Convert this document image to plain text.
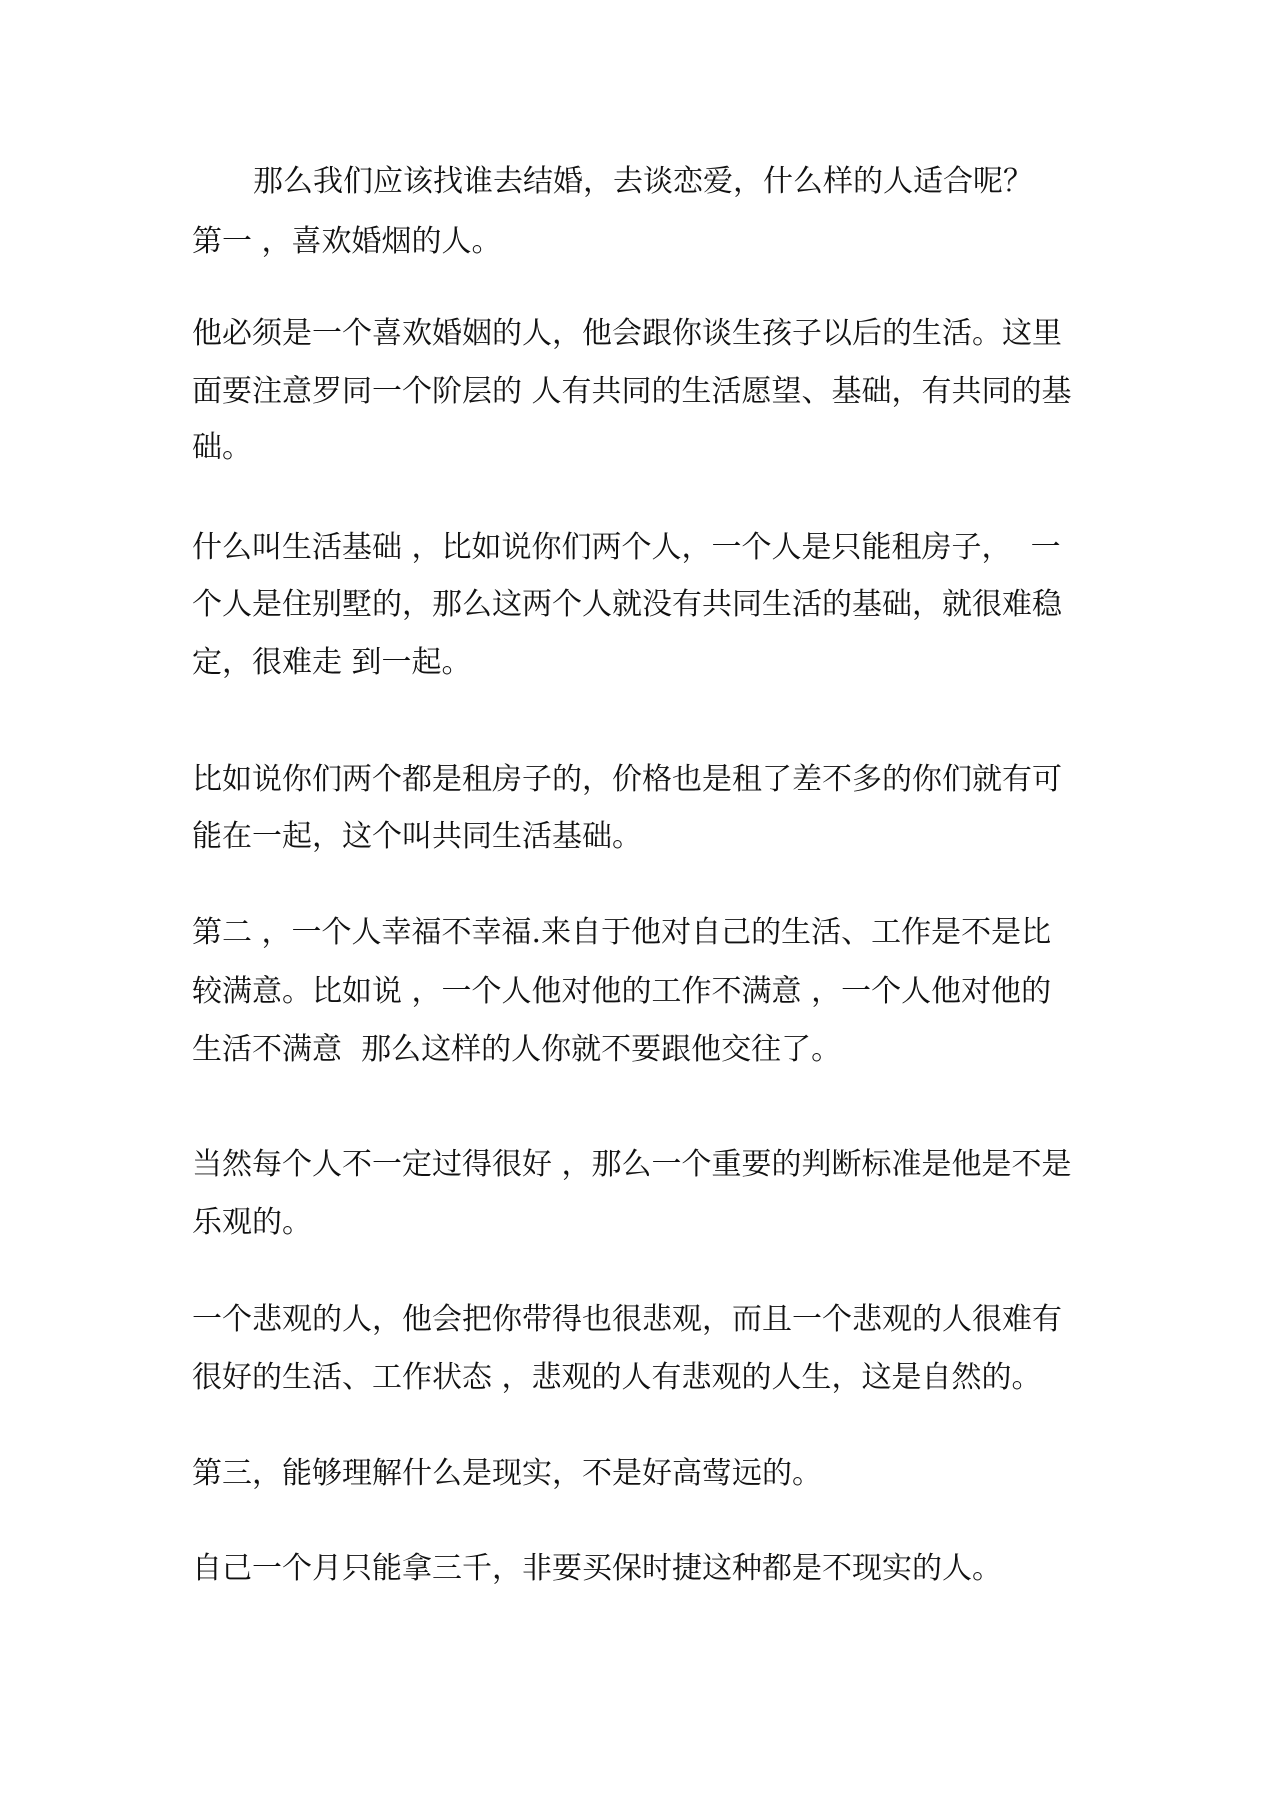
那么我们应该找谁去结婚，去谈恋爱，什么样的人适合呢？

第一 ，喜欢婚烟的人。

他必须是一个喜欢婚姻的人，他会跟你谈生孩子以后的生活。这里

面要注意罗同一个阶层的 人有共同的生活愿望、基础，有共同的基

础。

什么叫生活基础 ，比如说你们两个人，一个人是只能租房子，  一

个人是住别墅的，那么这两个人就没有共同生活的基础，就很难稳

定，很难走 到一起。

比如说你们两个都是租房子的，价格也是租了差不多的你们就有可

能在一起，这个叫共同生活基础。

第二 ，一个人幸福不幸福.来自于他对自己的生活、工作是不是比

较满意。比如说 ，一个人他对他的工作不满意 ，一个人他对他的

生活不满意  那么这样的人你就不要跟他交往了。

当然每个人不一定过得很好 ，那么一个重要的判断标准是他是不是

乐观的。

一个悲观的人，他会把你带得也很悲观，而且一个悲观的人很难有

很好的生活、工作状态 ，悲观的人有悲观的人生，这是自然的。

第三，能够理解什么是现实，不是好高莺远的。

自己一个月只能拿三千，非要买保时捷这种都是不现实的人。
